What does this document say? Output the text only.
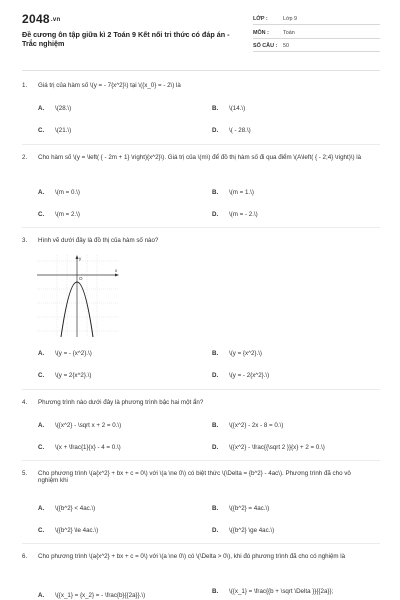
2048.vn
Đề cương ôn tập giữa kì 2 Toán 9 Kết nối tri thức có đáp án - Trắc nghiệm
LỚP :	Lớp 9
MÔN :	Toán
SỐ CÂU : 50
1. Giá trị của hàm số \(y = - 7{x^2}\) tại \({x_0} = - 2\) là
A. \(28.\)	B. \(14.\)
C. \(21.\)	D. \( - 28.\)
2. Cho hàm số \(y = \left( { - 2m + 1} \right){x^2}\). Giá trị của \(m\) để đồ thị hàm số đi qua điểm \(A\left( { - 2;4} \right)\) là
A. \(m = 0.\)	B. \(m = 1.\)
C. \(m = 2.\)	D. \(m = - 2.\)
3. Hình vẽ dưới đây là đồ thị của hàm số nào?
A. \(y = - {x^2}.\)	B. \(y = {x^2}.\)
C. \(y = 2{x^2}.\)	D. \(y = - 2{x^2}.\)
x
y
O
4. Phương trình nào dưới đây là phương trình bậc hai một ẩn?
A. \({x^2} - \sqrt x + 2 = 0.\)	B. \({x^2} - 2x - 8 = 0.\)
C. \(x + \frac{1}{x} - 4 = 0.\)	D. \({x^2} - \frac{{\sqrt 2 }}{x} + 2 = 0.\)
5. Cho phương trình \(a{x^2} + bx + c = 0\) với \(a \ne 0\) có biệt thức \(\Delta = {b^2} - 4ac\). Phương trình đã cho vô nghiệm khi
A. \({b^2} < 4ac.\)	B. \({b^2} = 4ac.\)
C. \({b^2} \le 4ac.\)	D. \({b^2} \ge 4ac.\)
6. Cho phương trình \(a{x^2} + bx + c = 0\) với \(a \ne 0\) có \(\Delta > 0\), khi đó phương trình đã cho có nghiệm là
A. \({x_1} = {x_2} = - \frac{b}{{2a}}.\)
B. \({x_1} = \frac{{b + \sqrt \Delta }}{{2a}};
